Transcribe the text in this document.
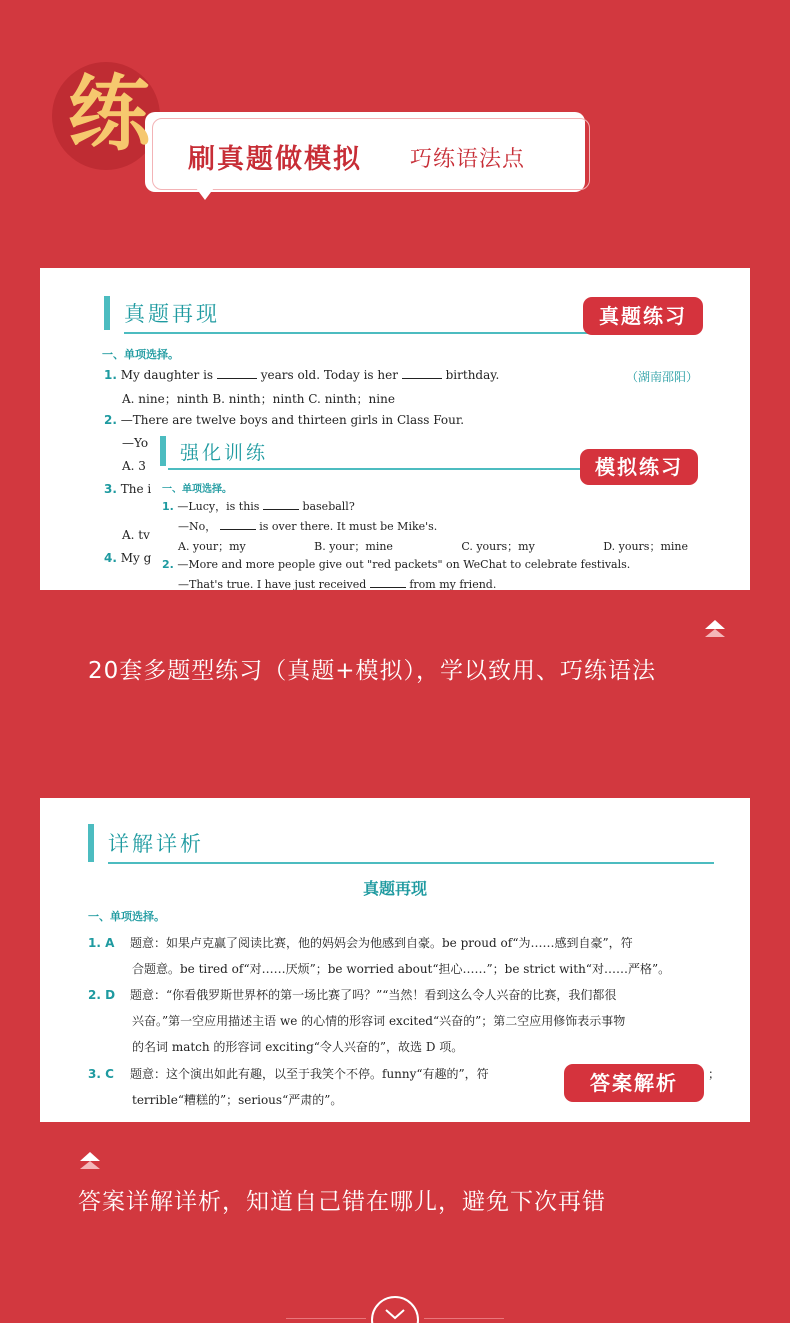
练 刷真题做模拟 巧练语法点
真题再现	真题练习
一、单项选择。
1. My daughter is	years old. Today is her	birthday.	（湖南邵阳）
A. nine；ninth B. ninth；ninth C. ninth；nine
2. —There are twelve boys and thirteen girls in Class Four.
—Yo
A. 3
3. The i
A. tv
4. My g
强化训练
一、单项选择。
1. —Lucy，is this	baseball?
—No，	is over there. It must be Mike's.
A. your；my	B. your；mine	C. yours；my	D. yours；mine
2. —More and more people give out "red packets" on WeChat to celebrate festivals.
—That's true. I have just received	from my friend.
模拟练习
20套多题型练习（真题+模拟），学以致用、巧练语法
详解详析
真题再现
一、单项选择。
1. A 题意：如果卢克赢了阅读比赛，他的妈妈会为他感到自豪。be proud of“为……感到自豪”，符
合题意。be tired of“对……厌烦”；be worried about“担心……”；be strict with“对……严格”。
2. D 题意：“你看俄罗斯世界杯的第一场比赛了吗？”“当然！看到这么令人兴奋的比赛，我们都很
兴奋。”第一空应用描述主语 we 的心情的形容词 excited“兴奋的”；第二空应用修饰表示事物
的名词 match 的形容词 exciting“令人兴奋的”，故选 D 项。
3. C 题意：这个演出如此有趣，以至于我笑个不停。funny“有趣的”，符	；
terrible“糟糕的”；serious“严肃的”。
答案解析
答案详解详析，知道自己错在哪儿，避免下次再错
